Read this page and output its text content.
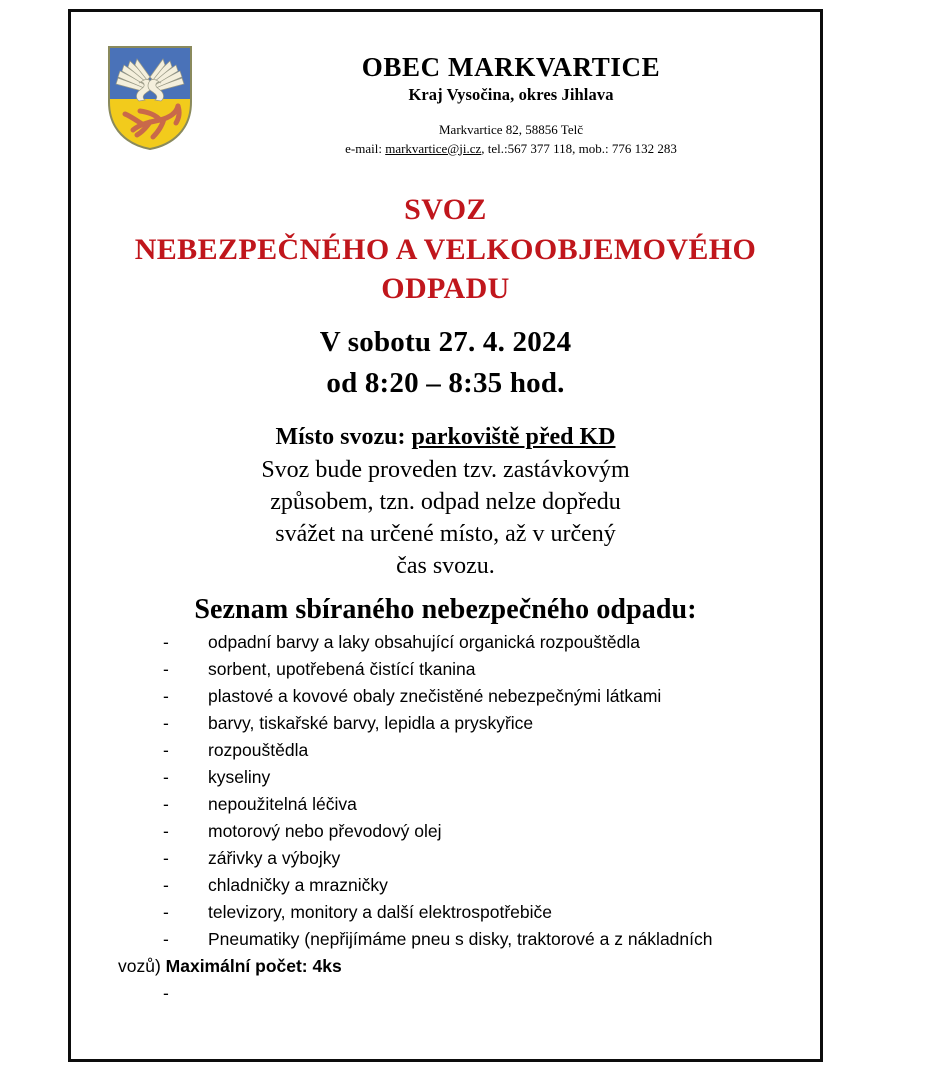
OBEC MARKVARTICE
Kraj Vysočina, okres Jihlava
Markvartice 82, 58856 Telč
e-mail: markvartice@ji.cz, tel.:567 377 118, mob.: 776 132 283
SVOZ
NEBEZPEČNÉHO A VELKOOBJEMOVÉHO
ODPADU
V sobotu 27. 4. 2024
od 8:20 – 8:35 hod.
Místo svozu: parkoviště před KD
Svoz bude proveden tzv. zastávkovým
způsobem, tzn. odpad nelze dopředu
svážet na určené místo, až v určený
čas svozu.
Seznam sbíraného nebezpečného odpadu:
-	odpadní barvy a laky obsahující organická rozpouštědla
-	sorbent, upotřebená čistící tkanina
-	plastové a kovové obaly znečistěné nebezpečnými látkami
-	barvy, tiskařské barvy, lepidla a pryskyřice
-	rozpouštědla
-	kyseliny
-	nepoužitelná léčiva
-	motorový nebo převodový olej
-	zářivky a výbojky
-	chladničky a mrazničky
-	televizory, monitory a další elektrospotřebiče
-	Pneumatiky (nepřijímáme pneu s disky, traktorové a z nákladních
vozů) Maximální počet: 4ks
-
